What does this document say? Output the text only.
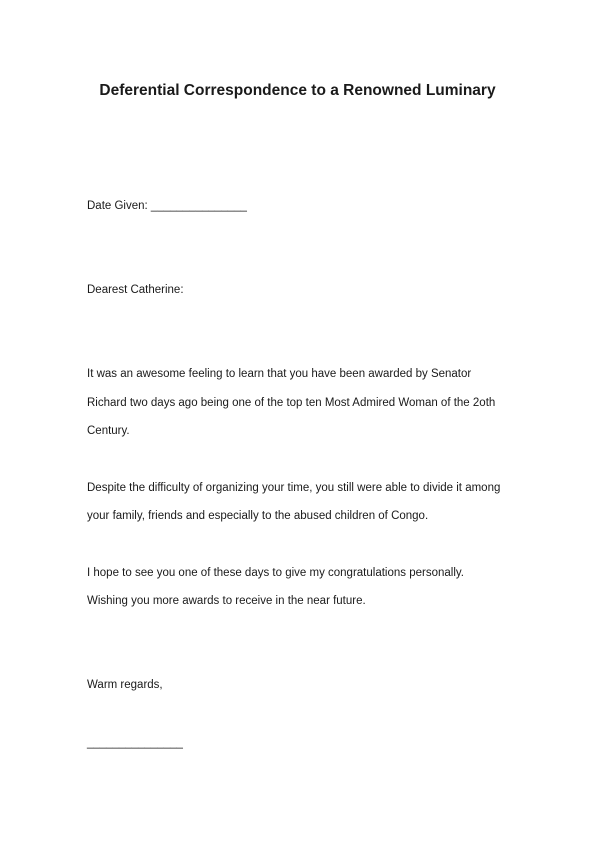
Deferential Correspondence to a Renowned Luminary
Date Given: _______________
Dearest Catherine:
It was an awesome feeling to learn that you have been awarded by Senator
Richard two days ago being one of the top ten Most Admired Woman of the 2oth
Century.
Despite the difficulty of organizing your time, you still were able to divide it among
your family, friends and especially to the abused children of Congo.
I hope to see you one of these days to give my congratulations personally.
Wishing you more awards to receive in the near future.
Warm regards,
_______________
